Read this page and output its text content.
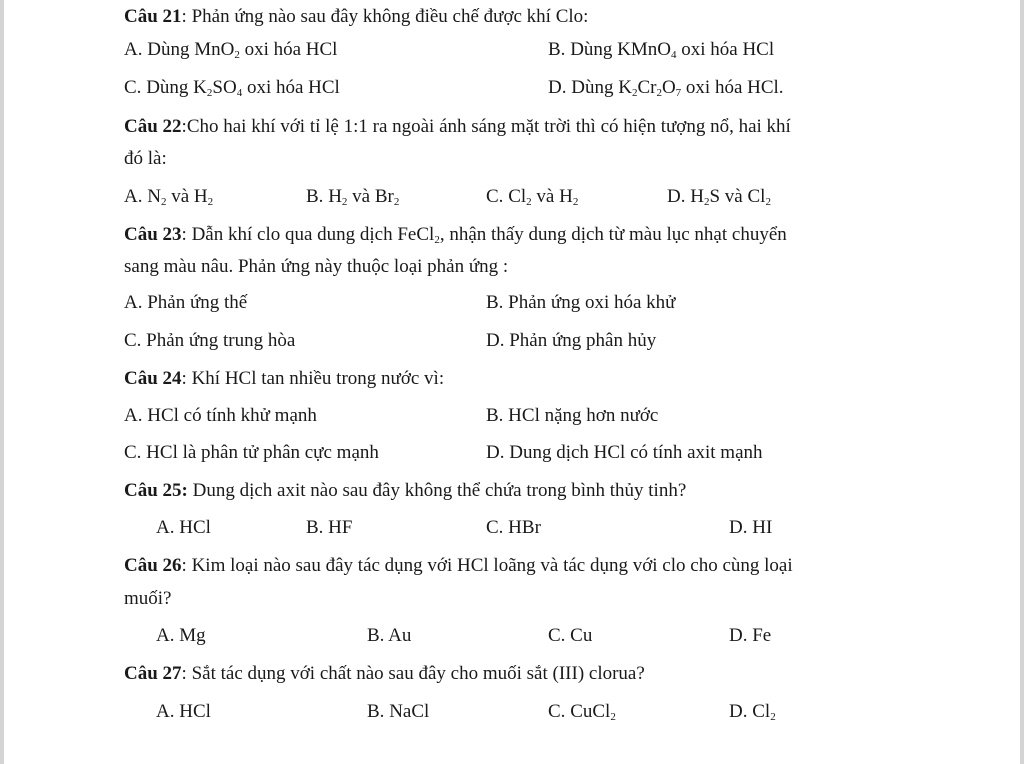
Câu 21: Phản ứng nào sau đây không điều chế được khí Clo:
A. Dùng MnO$_2$ oxi hóa HCl	B. Dùng KMnO$_4$ oxi hóa HCl
C. Dùng $K_2SO_4$ oxi hóa HCl	D. Dùng $K_2Cr_2O_7$ oxi hóa HCl.
Câu 22:Cho hai khí với tỉ lệ 1:1 ra ngoài ánh sáng mặt trời thì có hiện tượng nổ, hai khí
đó là:
A. $N_2$ và $H_2$	B. $H_2$ và $Br_2$	C. $Cl_2$ và $H_2$	D. $H_2S$ và $Cl_2$
Câu 23: Dẫn khí clo qua dung dịch FeCl$_2$, nhận thấy dung dịch từ màu lục nhạt chuyển
sang màu nâu. Phản ứng này thuộc loại phản ứng :
A. Phản ứng thế	B. Phản ứng oxi hóa khử
C. Phản ứng trung hòa	D. Phản ứng phân hủy
Câu 24: Khí HCl tan nhiều trong nước vì:
A. HCl có tính khử mạnh	B. HCl nặng hơn nước
C. HCl là phân tử phân cực mạnh	D. Dung dịch HCl có tính axit mạnh
Câu 25: Dung dịch axit nào sau đây không thể chứa trong bình thủy tinh?
A. HCl	B. HF	C. HBr	D. HI
Câu 26: Kim loại nào sau đây tác dụng với HCl loãng và tác dụng với clo cho cùng loại
muối?
A. Mg	B. Au	C. Cu	D. Fe
Câu 27: Sắt tác dụng với chất nào sau đây cho muối sắt (III) clorua?
A. HCl	B. NaCl	C. CuCl$_2$	D. $Cl_2$
